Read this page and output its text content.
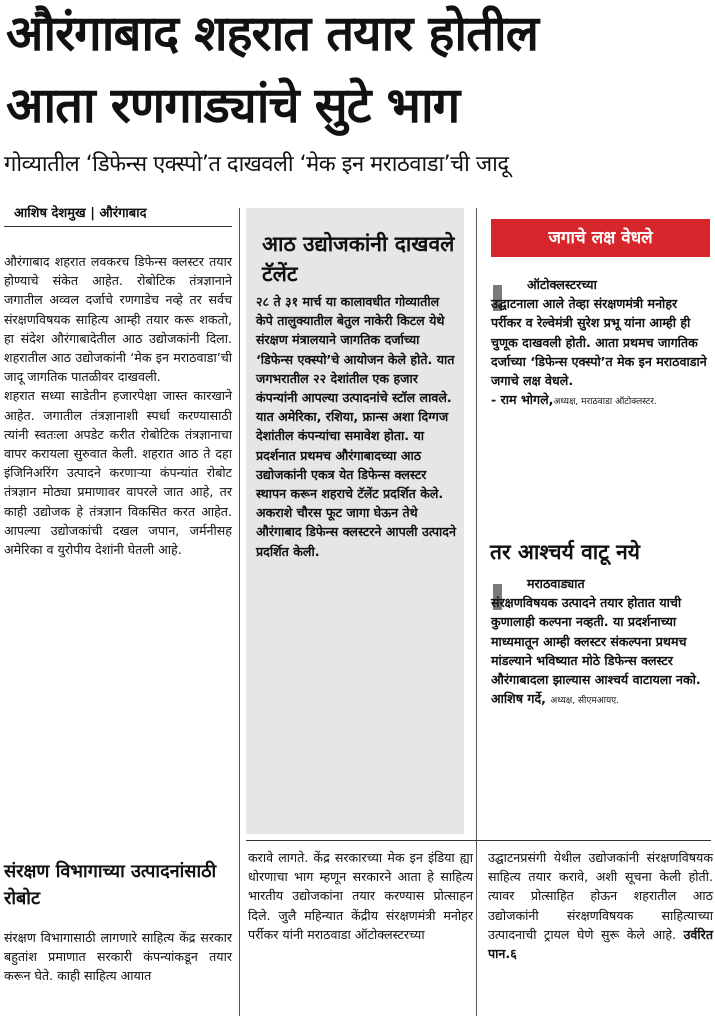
औरंगाबाद शहरात तयार होतील
आता रणगाड्यांचे सुटे भाग
गोव्यातील ‘डिफेन्स एक्स्पो’त दाखवली ‘मेक इन मराठवाडा’ची जादू
आशिष देशमुख | औरंगाबाद

औरंगाबाद शहरात लवकरच डिफेन्स क्लस्टर तयार होण्याचे संकेत आहेत. रोबोटिक तंत्रज्ञानाने जगातील अव्वल दर्जाचे रणगाडेच नव्हे तर सर्वच संरक्षणविषयक साहित्य आम्ही तयार करू शकतो, हा संदेश औरंगाबादेतील आठ उद्योजकांनी दिला. शहरातील आठ उद्योजकांनी ‘मेक इन मराठवाडा’ची जादू जागतिक पातळीवर दाखवली.

शहरात सध्या साडेतीन हजारपेक्षा जास्त कारखाने आहेत. जगातील तंत्रज्ञानाशी स्पर्धा करण्यासाठी त्यांनी स्वतःला अपडेट करीत रोबोटिक तंत्रज्ञानाचा वापर करायला सुरुवात केली. शहरात आठ ते दहा इंजिनिअरिंग उत्पादने करणाऱ्या कंपन्यांत रोबोट तंत्रज्ञान मोठ्या प्रमाणावर वापरले जात आहे, तर काही उद्योजक हे तंत्रज्ञान विकसित करत आहेत. आपल्या उद्योजकांची दखल जपान, जर्मनीसह अमेरिका व युरोपीय देशांनी घेतली आहे.

आठ उद्योजकांनी दाखवले टॅलेंट

२८ ते ३१ मार्च या कालावधीत गोव्यातील केपे तालुक्यातील बेतुल नाकेरी किटल येथे संरक्षण मंत्रालयाने जागतिक दर्जाच्या ‘डिफेन्स एक्स्पो’चे आयोजन केले होते. यात जगभरातील २२ देशांतील एक हजार कंपन्यांनी आपल्या उत्पादनांचे स्टॉल लावले. यात अमेरिका, रशिया, फ्रान्स अशा दिग्गज देशांतील कंपन्यांचा समावेश होता. या प्रदर्शनात प्रथमच औरंगाबादच्या आठ उद्योजकांनी एकत्र येत डिफेन्स क्लस्टर स्थापन करून शहराचे टॅलेंट प्रदर्शित केले. अकराशे चौरस फूट जागा घेऊन तेथे औरंगाबाद डिफेन्स क्लस्टरने आपली उत्पादने प्रदर्शित केली.

जगाचे लक्ष वेधले

ऑटोक्लस्टरच्या

उद्घाटनाला आले तेव्हा संरक्षणमंत्री मनोहर पर्रीकर व रेल्वेमंत्री सुरेश प्रभू यांना आम्ही ही चुणूक दाखवली होती. आता प्रथमच जागतिक दर्जाच्या ‘डिफेन्स एक्स्पो’त मेक इन मराठवाडाने जगाचे लक्ष वेधले.

- राम भोगले,अध्यक्ष, मराठवाडा ऑटोक्लस्टर.

तर आश्चर्य वाटू नये

मराठवाड्यात

संरक्षणविषयक उत्पादने तयार होतात याची कुणालाही कल्पना नव्हती. या प्रदर्शनाच्या माध्यमातून आम्ही क्लस्टर संकल्पना प्रथमच मांडल्याने भविष्यात मोठे डिफेन्स क्लस्टर औरंगाबादला झाल्यास आश्चर्य वाटायला नको.

आशिष गर्दे, अध्यक्ष, सीएमआयए.

संरक्षण विभागाच्या उत्पादनांसाठी रोबोट

संरक्षण विभागासाठी लागणारे साहित्य केंद्र सरकार बहुतांश प्रमाणात सरकारी कंपन्यांकडून तयार करून घेते. काही साहित्य आयात

करावे लागते. केंद्र सरकारच्या मेक इन इंडिया ह्या धोरणाचा भाग म्हणून सरकारने आता हे साहित्य भारतीय उद्योजकांना तयार करण्यास प्रोत्साहन दिले. जुलै महिन्यात केंद्रीय संरक्षणमंत्री मनोहर पर्रीकर यांनी मराठवाडा ऑटोक्लस्टरच्या

उद्घाटनप्रसंगी येथील उद्योजकांनी संरक्षणविषयक साहित्य तयार करावे, अशी सूचना केली होती. त्यावर प्रोत्साहित होऊन शहरातील आठ उद्योजकांनी संरक्षणविषयक साहित्याच्या उत्पादनाची ट्रायल घेणे सुरू केले आहे. उर्वरित पान.६
